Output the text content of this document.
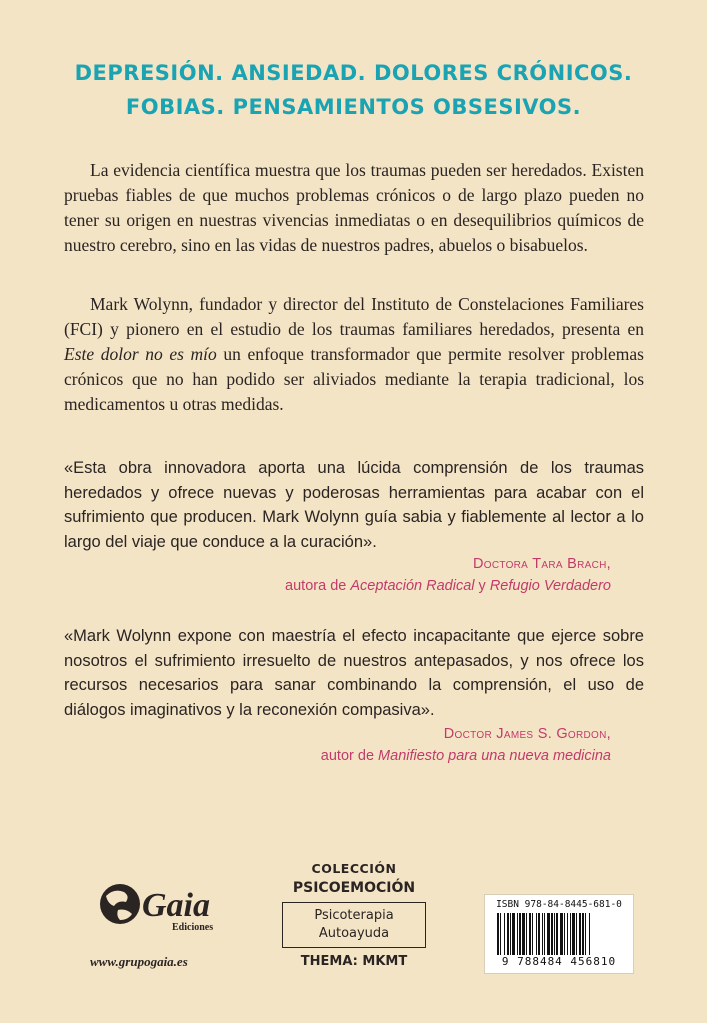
DEPRESIÓN. ANSIEDAD. DOLORES CRÓNICOS.
FOBIAS. PENSAMIENTOS OBSESIVOS.

La evidencia científica muestra que los traumas pueden ser heredados. Existen pruebas fiables de que muchos problemas crónicos o de largo plazo pueden no tener su origen en nuestras vivencias inmediatas o en desequilibrios químicos de nuestro cerebro, sino en las vidas de nuestros padres, abuelos o bisabuelos.

Mark Wolynn, fundador y director del Instituto de Constelaciones Familiares (FCI) y pionero en el estudio de los traumas familiares heredados, presenta en Este dolor no es mío un enfoque transformador que permite resolver problemas crónicos que no han podido ser aliviados mediante la terapia tradicional, los medicamentos u otras medidas.

«Esta obra innovadora aporta una lúcida comprensión de los traumas heredados y ofrece nuevas y poderosas herramientas para acabar con el sufrimiento que producen. Mark Wolynn guía sabia y fiablemente al lector a lo largo del viaje que conduce a la curación».
Doctora Tara Brach,
autora de Aceptación Radical y Refugio Verdadero
«Mark Wolynn expone con maestría el efecto incapacitante que ejerce sobre nosotros el sufrimiento irresuelto de nuestros antepasados, y nos ofrece los recursos necesarios para sanar combinando la comprensión, el uso de diálogos imaginativos y la reconexión compasiva».
Doctor James S. Gordon,
autor de Manifiesto para una nueva medicina
Gaia
Ediciones
www.grupogaia.es
COLECCIÓN
PSICOEMOCIÓN
Psicoterapia
Autoayuda
THEMA: MKMT
ISBN 978-84-8445-681-0
9 788484 456810
